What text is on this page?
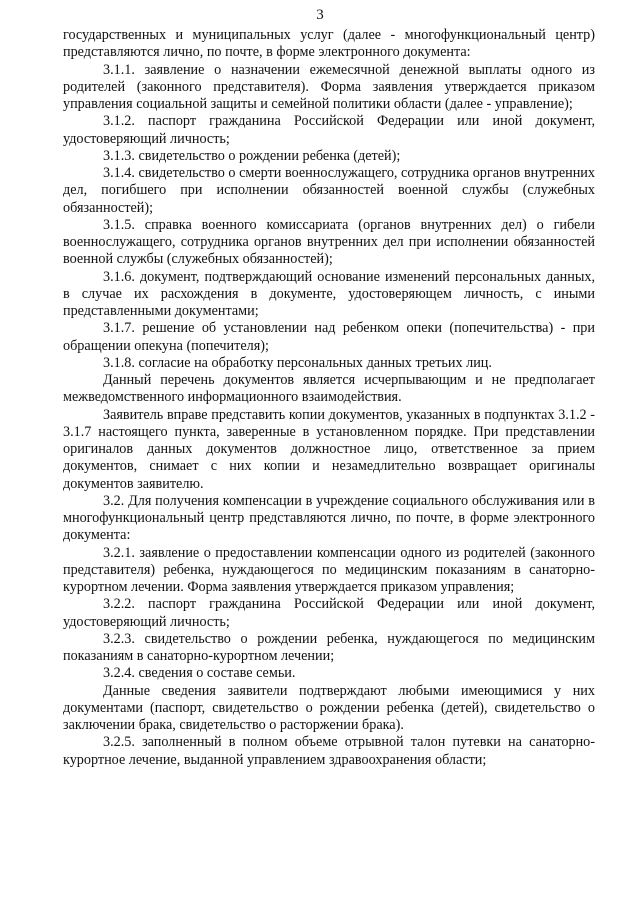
3

государственных и муниципальных услуг (далее - многофункциональный центр) представляются лично, по почте, в форме электронного документа:

3.1.1. заявление о назначении ежемесячной денежной выплаты одного из родителей (законного представителя). Форма заявления утверждается приказом управления социальной защиты и семейной политики области (далее - управление);

3.1.2. паспорт гражданина Российской Федерации или иной документ, удостоверяющий личность;

3.1.3. свидетельство о рождении ребенка (детей);

3.1.4. свидетельство о смерти военнослужащего, сотрудника органов внутренних дел, погибшего при исполнении обязанностей военной службы (служебных обязанностей);

3.1.5. справка военного комиссариата (органов внутренних дел) о гибели военнослужащего, сотрудника органов внутренних дел при исполнении обязанностей военной службы (служебных обязанностей);

3.1.6. документ, подтверждающий основание изменений персональных данных, в случае их расхождения в документе, удостоверяющем личность, с иными представленными документами;

3.1.7. решение об установлении над ребенком опеки (попечительства) - при обращении опекуна (попечителя);

3.1.8. согласие на обработку персональных данных третьих лиц.

Данный перечень документов является исчерпывающим и не предполагает межведомственного информационного взаимодействия.

Заявитель вправе представить копии документов, указанных в подпунктах 3.1.2 - 3.1.7 настоящего пункта, заверенные в установленном порядке. При представлении оригиналов данных документов должностное лицо, ответственное за прием документов, снимает с них копии и незамедлительно возвращает оригиналы документов заявителю.

3.2. Для получения компенсации в учреждение социального обслуживания или в многофункциональный центр представляются лично, по почте, в форме электронного документа:

3.2.1. заявление о предоставлении компенсации одного из родителей (законного представителя) ребенка, нуждающегося по медицинским показаниям в санаторно-курортном лечении. Форма заявления утверждается приказом управления;

3.2.2. паспорт гражданина Российской Федерации или иной документ, удостоверяющий личность;

3.2.3. свидетельство о рождении ребенка, нуждающегося по медицинским показаниям в санаторно-курортном лечении;

3.2.4. сведения о составе семьи.

Данные сведения заявители подтверждают любыми имеющимися у них документами (паспорт, свидетельство о рождении ребенка (детей), свидетельство о заключении брака, свидетельство о расторжении брака).

3.2.5. заполненный в полном объеме отрывной талон путевки на санаторно-курортное лечение, выданной управлением здравоохранения области;
